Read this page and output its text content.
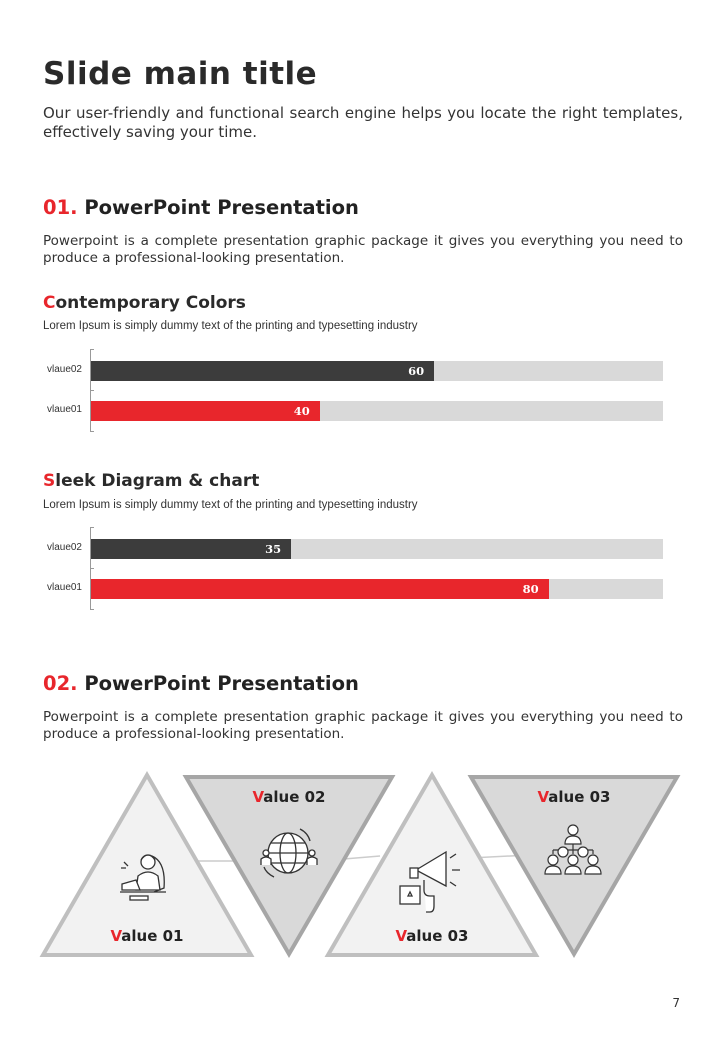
Slide main title
Our user-friendly and functional search engine helps you locate the right templates, effectively saving your time.
01. PowerPoint Presentation
Powerpoint is a complete presentation graphic package it gives you everything you need to produce a professional-looking presentation.
Contemporary Colors
Lorem Ipsum is simply dummy text of the printing and typesetting industry
vlaue02	60
vlaue01	40
Sleek Diagram & chart
Lorem Ipsum is simply dummy text of the printing and typesetting industry
vlaue02	35
vlaue01	80
02. PowerPoint Presentation
Powerpoint is a complete presentation graphic package it gives you everything you need to produce a professional-looking presentation.
Value 01
Value 02
Value 03
Value 03
7
